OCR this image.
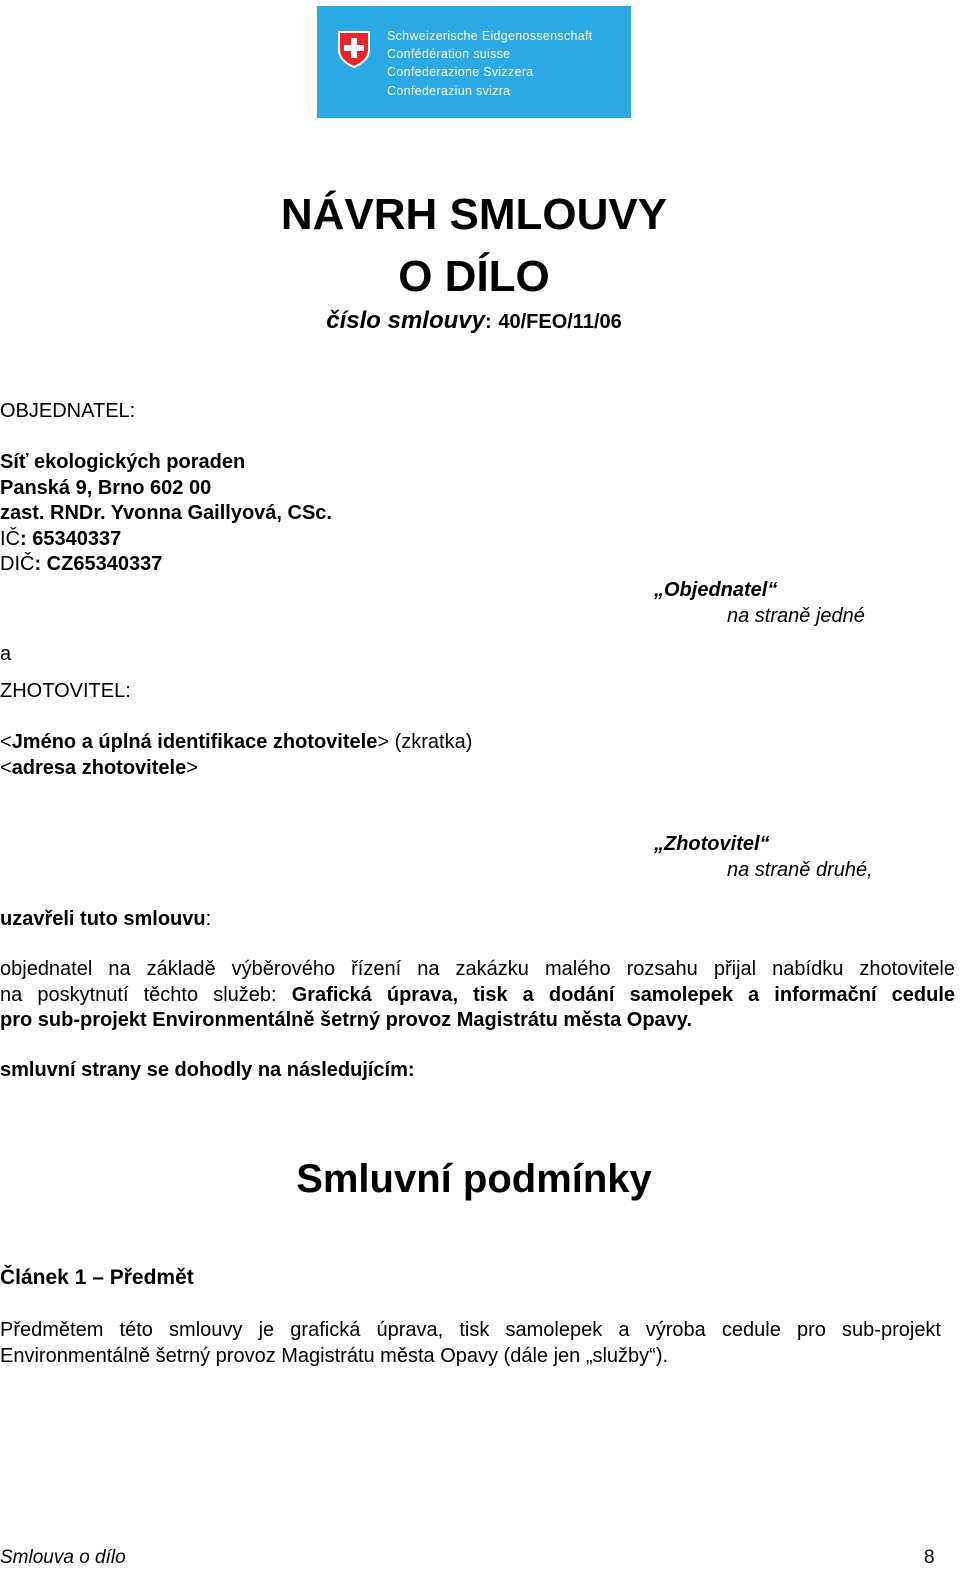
Schweizerische Eidgenossenschaft
Confédération suisse
Confederazione Svizzera
Confederaziun svizra
NÁVRH SMLOUVY
O DÍLO
číslo smlouvy: 40/FEO/11/06
OBJEDNATEL:
Síť ekologických poraden
Panská 9, Brno 602 00
zast. RNDr. Yvonna Gaillyová, CSc.
IČ: 65340337
DIČ: CZ65340337
„Objednatel“
na straně jedné
a
ZHOTOVITEL:
<Jméno a úplná identifikace zhotovitele> (zkratka)
<adresa zhotovitele>
„Zhotovitel“
na straně druhé,
uzavřeli tuto smlouvu:
objednatel na základě výběrového řízení na zakázku malého rozsahu přijal nabídku zhotovitele
na poskytnutí těchto služeb: Grafická úprava, tisk a dodání samolepek a informační cedule
pro sub-projekt Environmentálně šetrný provoz Magistrátu města Opavy.
smluvní strany se dohodly na následujícím:
Smluvní podmínky
Článek 1 – Předmět
Předmětem této smlouvy je grafická úprava, tisk samolepek a výroba cedule pro sub-projekt
Environmentálně šetrný provoz Magistrátu města Opavy (dále jen „služby“).
Smlouva o dílo	8
